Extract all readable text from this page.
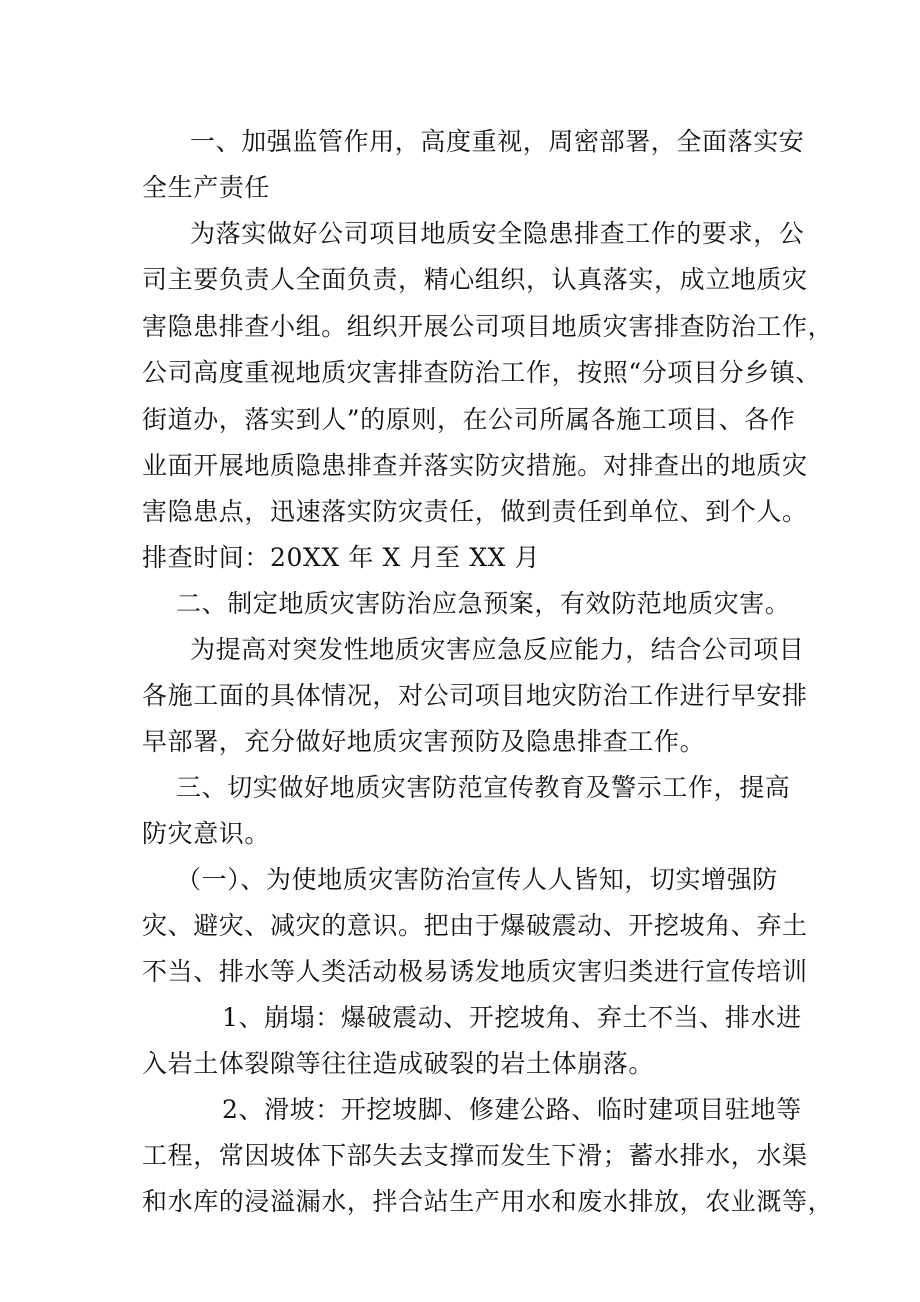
一、加强监管作用，高度重视，周密部署，全面落实安
全生产责任
为落实做好公司项目地质安全隐患排查工作的要求，公
司主要负责人全面负责，精心组织，认真落实，成立地质灾
害隐患排查小组。组织开展公司项目地质灾害排查防治工作，
公司高度重视地质灾害排查防治工作，按照“分项目分乡镇、
街道办，落实到人”的原则，在公司所属各施工项目、各作
业面开展地质隐患排查并落实防灾措施。对排查出的地质灾
害隐患点，迅速落实防灾责任，做到责任到单位、到个人。
排查时间：20XX 年 X 月至 XX 月
二、制定地质灾害防治应急预案，有效防范地质灾害。
为提高对突发性地质灾害应急反应能力，结合公司项目
各施工面的具体情况，对公司项目地灾防治工作进行早安排
早部署，充分做好地质灾害预防及隐患排查工作。
三、切实做好地质灾害防范宣传教育及警示工作，提高
防灾意识。
（一）、为使地质灾害防治宣传人人皆知，切实增强防
灾、避灾、减灾的意识。把由于爆破震动、开挖坡角、弃土
不当、排水等人类活动极易诱发地质灾害归类进行宣传培训
1、崩塌：爆破震动、开挖坡角、弃土不当、排水进
入岩土体裂隙等往往造成破裂的岩土体崩落。
2、滑坡：开挖坡脚、修建公路、临时建项目驻地等
工程，常因坡体下部失去支撑而发生下滑；蓄水排水，水渠
和水库的浸溢漏水，拌合站生产用水和废水排放，农业溉等，
